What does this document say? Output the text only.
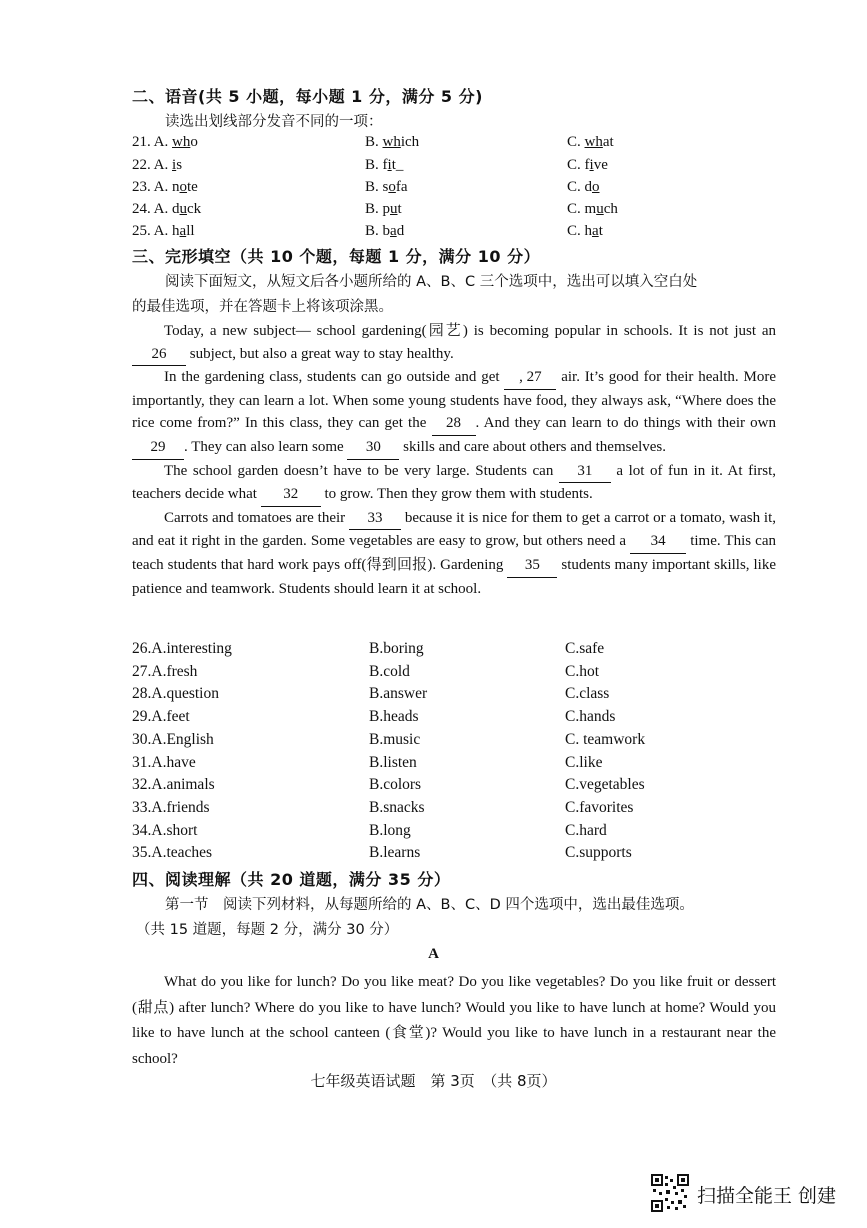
二、语音(共 5 小题，每小题 1 分，满分 5 分)
读选出划线部分发音不同的一项：
21. A. who	B. which	C. what
22. A. is	B. fit_	C. five
23. A. note	B. sofa	C. do
24. A. duck	B. put	C. much
25. A. hall	B. bad	C. hat
三、完形填空（共 10 个题，每题 1 分，满分 10 分）
阅读下面短文，从短文后各小题所给的 A、B、C 三个选项中，选出可以填入空白处
的最佳选项，并在答题卡上将该项涂黑。

Today, a new subject— school gardening(园艺) is becoming popular in schools. It is not just an 26 subject, but also a great way to stay healthy.

In the gardening class, students can go outside and get , 27 air. It’s good for their health. More importantly, they can learn a lot. When some young students have food, they always ask, “Where does the rice come from?” In this class, they can get the 28 . And they can learn to do things with their own 29 . They can also learn some 30 skills and care about others and themselves.

The school garden doesn’t have to be very large. Students can 31 a lot of fun in it. At first, teachers decide what 32 to grow. Then they grow them with students.

Carrots and tomatoes are their 33 because it is nice for them to get a carrot or a tomato, wash it, and eat it right in the garden. Some vegetables are easy to grow, but others need a 34 time. This can teach students that hard work pays off(得到回报). Gardening 35 students many important skills, like patience and teamwork. Students should learn it at school.

26.A.interesting	B.boring	C.safe
27.A.fresh	B.cold	C.hot
28.A.question	B.answer	C.class
29.A.feet	B.heads	C.hands
30.A.English	B.music	C. teamwork
31.A.have	B.listen	C.like
32.A.animals	B.colors	C.vegetables
33.A.friends	B.snacks	C.favorites
34.A.short	B.long	C.hard
35.A.teaches	B.learns	C.supports
四、阅读理解（共 20 道题，满分 35 分）
第一节　阅读下列材料，从每题所给的 A、B、C、D 四个选项中，选出最佳选项。
（共 15 道题，每题 2 分，满分 30 分）
A

What do you like for lunch? Do you like meat? Do you like vegetables? Do you like fruit or dessert (甜点) after lunch? Where do you like to have lunch? Would you like to have lunch at home? Would you like to have lunch at the school canteen (食堂)? Would you like to have lunch in a restaurant near the school?

七年级英语试题　第 3页　（共 8页）
扫描全能王 创建
